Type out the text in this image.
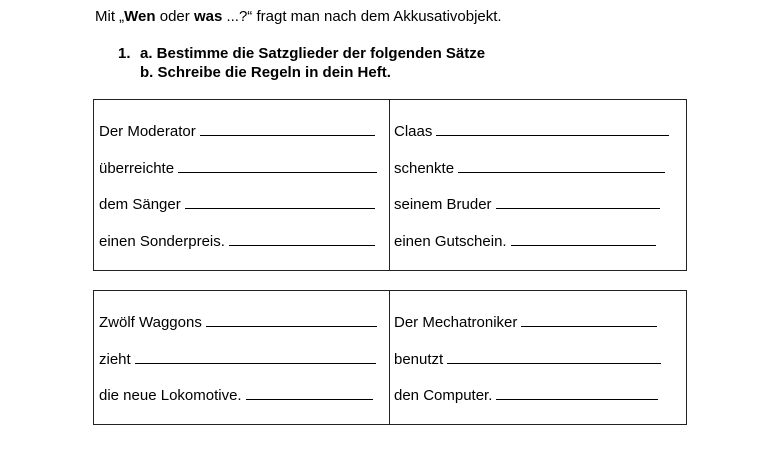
Mit „Wen oder was ...?“ fragt man nach dem Akkusativobjekt.
1. a. Bestimme die Satzglieder der folgenden Sätze
b. Schreibe die Regeln in dein Heft.
Der Moderator
überreichte
dem Sänger
einen Sonderpreis.
Claas
schenkte
seinem Bruder
einen Gutschein.
Zwölf Waggons
zieht
die neue Lokomotive.
Der Mechatroniker
benutzt
den Computer.
